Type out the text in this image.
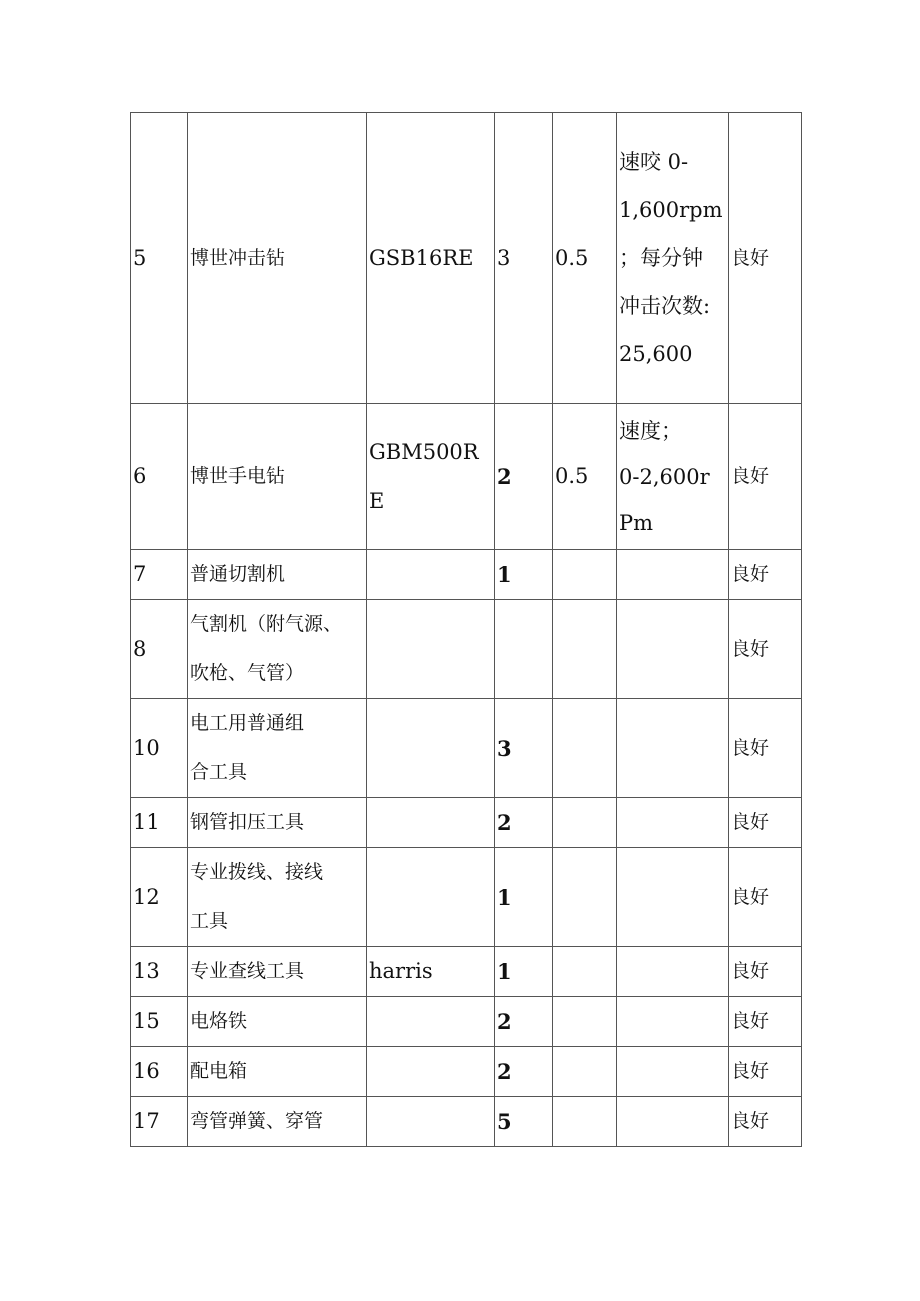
5	博世冲击钻	GSB16RE	3	0.5	速咬 0-
1,600rpm
；每分钟
冲击次数:
25,600	良好
6	博世手电钻	GBM500R
E	2	0.5	速度；
0-2,600r
Pm	良好
7	普通切割机		1			良好
8	气割机（附气源、
吹枪、气管）					良好
10	电工用普通组
合工具		3			良好
11	钢管扣压工具		2			良好
12	专业拨线、接线
工具		1			良好
13	专业查线工具	harris	1			良好
15	电烙铁		2			良好
16	配电箱		2			良好
17	弯管弹簧、穿管		5			良好
